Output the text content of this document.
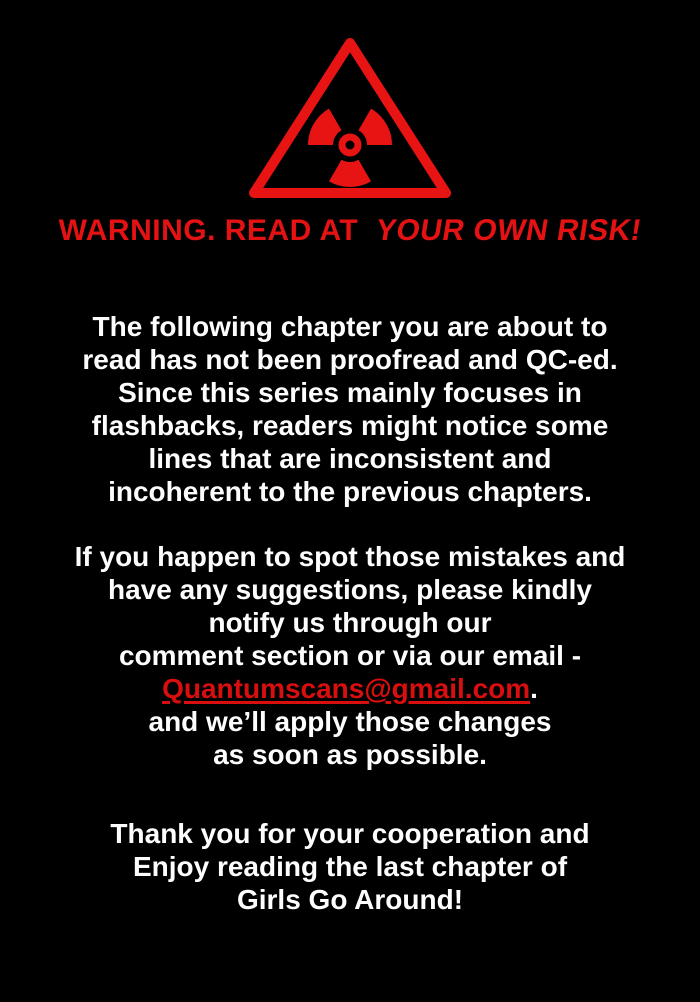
WARNING. READ AT YOUR OWN RISK!
The following chapter you are about to
read has not been proofread and QC-ed.
Since this series mainly focuses in
flashbacks, readers might notice some
lines that are inconsistent and
incoherent to the previous chapters.
If you happen to spot those mistakes and
have any suggestions, please kindly
notify us through our
comment section or via our email -
Quantumscans@gmail.com.
and we’ll apply those changes
as soon as possible.
Thank you for your cooperation and
Enjoy reading the last chapter of
Girls Go Around!
